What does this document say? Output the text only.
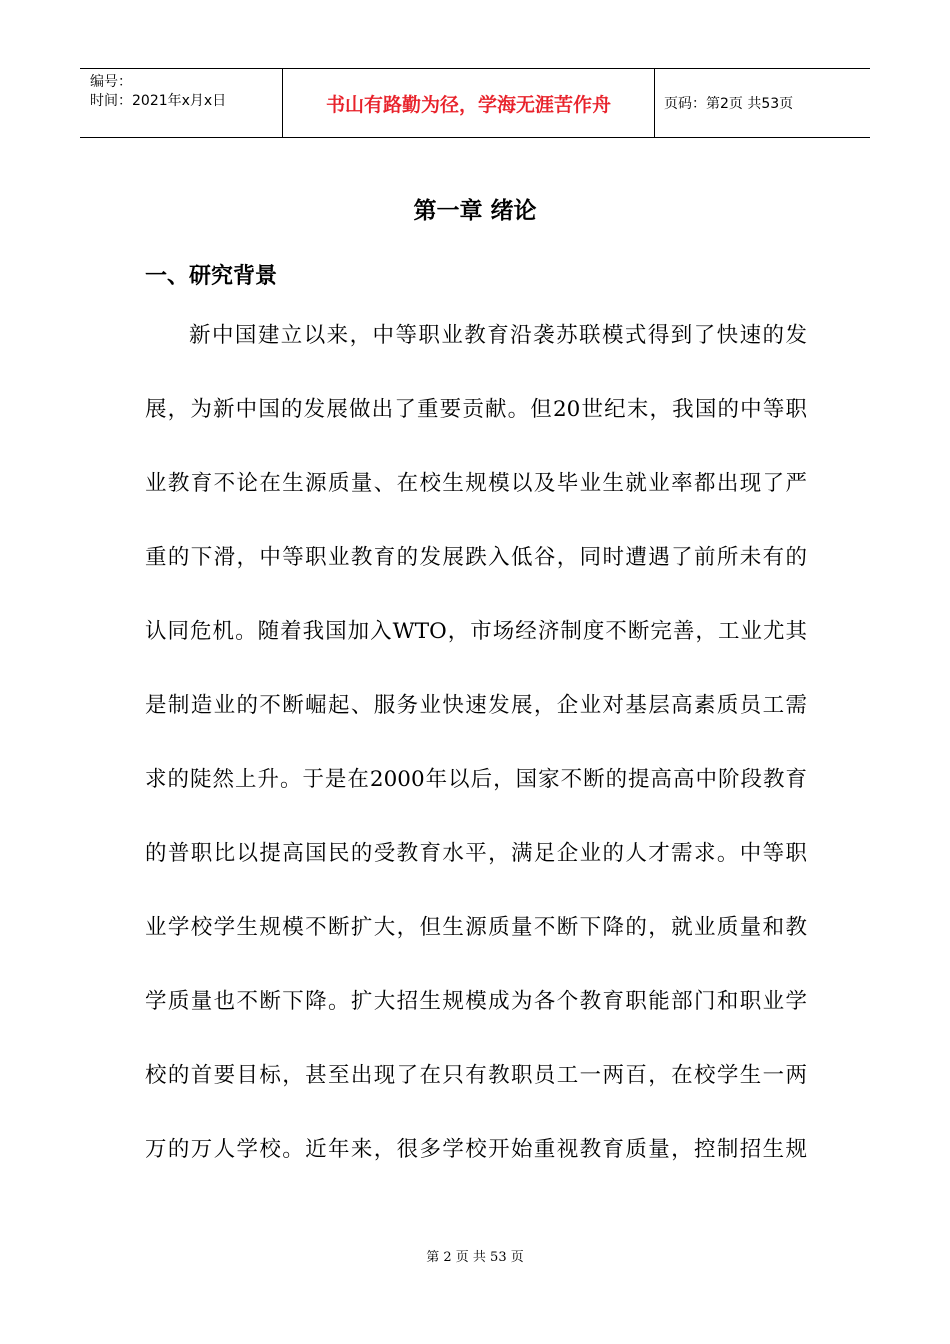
编号：
时间：2021年x月x日	书山有路勤为径，学海无涯苦作舟	页码：第2页 共53页
第一章 绪论
一、研究背景
新中国建立以来，中等职业教育沿袭苏联模式得到了快速的发
展，为新中国的发展做出了重要贡献。但20世纪末，我国的中等职
业教育不论在生源质量、在校生规模以及毕业生就业率都出现了严
重的下滑，中等职业教育的发展跌入低谷，同时遭遇了前所未有的
认同危机。随着我国加入WTO，市场经济制度不断完善，工业尤其
是制造业的不断崛起、服务业快速发展，企业对基层高素质员工需
求的陡然上升。于是在2000年以后，国家不断的提高高中阶段教育
的普职比以提高国民的受教育水平，满足企业的人才需求。中等职
业学校学生规模不断扩大，但生源质量不断下降的，就业质量和教
学质量也不断下降。扩大招生规模成为各个教育职能部门和职业学
校的首要目标，甚至出现了在只有教职员工一两百，在校学生一两
万的万人学校。近年来，很多学校开始重视教育质量，控制招生规
第 2 页 共 53 页
